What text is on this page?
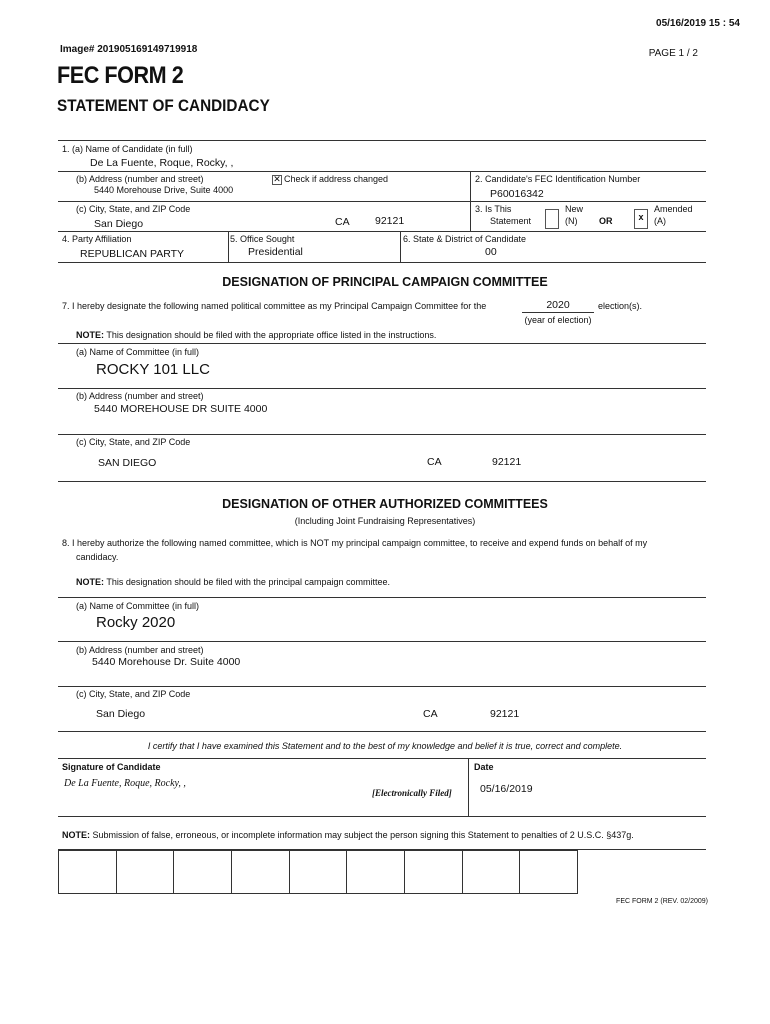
05/16/2019 15 : 54
Image# 201905169149719918	PAGE 1 / 2
FEC FORM 2
STATEMENT OF CANDIDACY
1. (a) Name of Candidate (in full)
De La Fuente, Roque, Rocky, ,
(b) Address (number and street)
5440 Morehouse Drive, Suite 4000
✕ Check if address changed	2. Candidate's FEC Identification Number
P60016342
(c) City, State, and ZIP Code
San Diego	CA 92121
3. Is This
Statement
New
(N) OR	x
Amended
(A)
4. Party Affiliation
REPUBLICAN PARTY
5. Office Sought
Presidential
6. State & District of Candidate
00
DESIGNATION OF PRINCIPAL CAMPAIGN COMMITTEE
7. I hereby designate the following named political committee as my Principal Campaign Committee for the	2020	election(s).
(year of election)
NOTE: This designation should be filed with the appropriate office listed in the instructions.
(a) Name of Committee (in full)
ROCKY 101 LLC
(b) Address (number and street)
5440 MOREHOUSE DR SUITE 4000
(c) City, State, and ZIP Code
SAN DIEGO	CA	92121
DESIGNATION OF OTHER AUTHORIZED COMMITTEES
(Including Joint Fundraising Representatives)
8. I hereby authorize the following named committee, which is NOT my principal campaign committee, to receive and expend funds on behalf of my
candidacy.
NOTE: This designation should be filed with the principal campaign committee.
(a) Name of Committee (in full)
Rocky 2020
(b) Address (number and street)
5440 Morehouse Dr. Suite 4000
(c) City, State, and ZIP Code
San Diego	CA	92121
I certify that I have examined this Statement and to the best of my knowledge and belief it is true, correct and complete.
Signature of Candidate
De La Fuente, Roque, Rocky, ,
[Electronically Filed]
Date
05/16/2019
NOTE: Submission of false, erroneous, or incomplete information may subject the person signing this Statement to penalties of 2 U.S.C. §437g.
FEC FORM 2 (REV. 02/2009)
